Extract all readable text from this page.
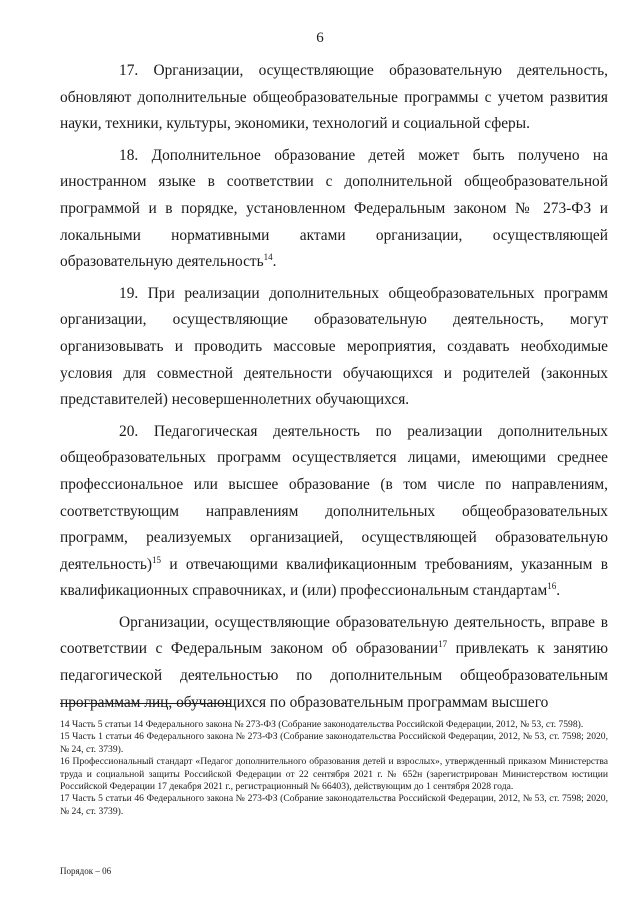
6

17. Организации, осуществляющие образовательную деятельность, обновляют дополнительные общеобразовательные программы с учетом развития науки, техники, культуры, экономики, технологий и социальной сферы.

18. Дополнительное образование детей может быть получено на иностранном языке в соответствии с дополнительной общеобразовательной программой и в порядке, установленном Федеральным законом № 273-ФЗ и локальными нормативными актами организации, осуществляющей образовательную деятельность$^{14}$.

19. При реализации дополнительных общеобразовательных программ организации, осуществляющие образовательную деятельность, могут организовывать и проводить массовые мероприятия, создавать необходимые условия для совместной деятельности обучающихся и родителей (законных представителей) несовершеннолетних обучающихся.

20. Педагогическая деятельность по реализации дополнительных общеобразовательных программ осуществляется лицами, имеющими среднее профессиональное или высшее образование (в том числе по направлениям, соответствующим направлениям дополнительных общеобразовательных программ, реализуемых организацией, осуществляющей образовательную деятельность)$^{15}$ и отвечающими квалификационным требованиям, указанным в квалификационных справочниках, и (или) профессиональным стандартам$^{16}$.

Организации, осуществляющие образовательную деятельность, вправе в соответствии с Федеральным законом об образовании$^{17}$ привлекать к занятию педагогической деятельностью по дополнительным общеобразовательным программам лиц, обучающихся по образовательным программам высшего

14 Часть 5 статьи 14 Федерального закона № 273-ФЗ (Собрание законодательства Российской Федерации, 2012, № 53, ст. 7598).

15 Часть 1 статьи 46 Федерального закона № 273-ФЗ (Собрание законодательства Российской Федерации, 2012, № 53, ст. 7598; 2020, № 24, ст. 3739).

16 Профессиональный стандарт «Педагог дополнительного образования детей и взрослых», утвержденный приказом Министерства труда и социальной защиты Российской Федерации от 22 сентября 2021 г. № 652н (зарегистрирован Министерством юстиции Российской Федерации 17 декабря 2021 г., регистрационный № 66403), действующим до 1 сентября 2028 года.

17 Часть 5 статьи 46 Федерального закона № 273-ФЗ (Собрание законодательства Российской Федерации, 2012, № 53, ст. 7598; 2020, № 24, ст. 3739).

Порядок – 06
